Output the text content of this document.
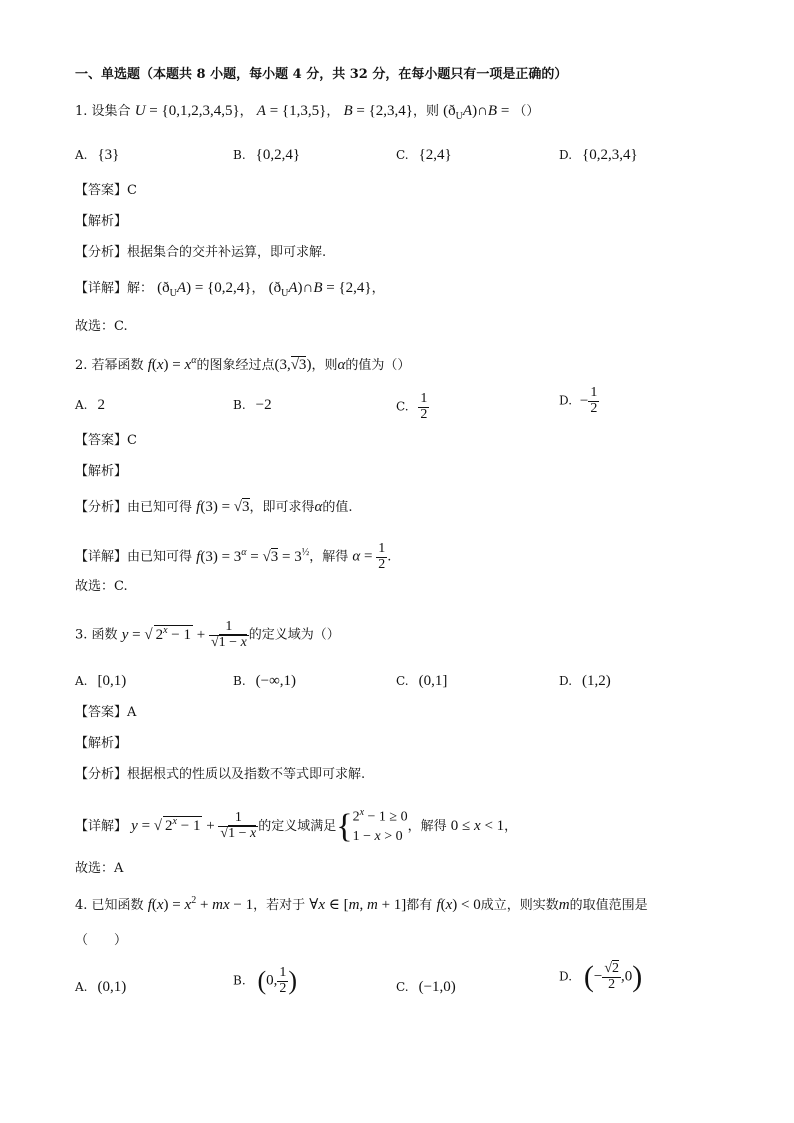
一、单选题（本题共 8 小题，每小题 4 分，共 32 分，在每小题只有一项是正确的）
1. 设集合 U = {0,1,2,3,4,5}， A = {1,3,5}， B = {2,3,4}，则 $(ð_UA)\cap B$ = （）
A. {3}	B. {0,2,4}	C. {2,4}	D. {0,2,3,4}
【答案】C
【解析】
【分析】根据集合的交并补运算，即可求解.
【详解】解： $(ð_UA) = \{0,2,4\}$， $(ð_UA)\cap B = \{2,4\}$，
故选：C.
2. 若幂函数 $f(x) = x^\alpha$的图象经过点(3,√3)，则α的值为（）
A. 2	B. −2	C. $\frac{1}{2}$	D. − $\frac{1}{2}$
【答案】C
【解析】
【分析】由已知可得 f(3) = √3，即可求得α的值.
【详解】由已知可得 $f(3) = 3^\alpha = √3 = 3^{\frac{1}{2}}$，解得 $\alpha = \frac{1}{2}$ .
故选：C.
3. 函数 y = √ $2^x - 1 + \frac{1}{√1 - x}$ 的定义域为（）
A. [0,1)	B. (−∞,1)	C. (0,1]	D. (1,2)
【答案】A
【解析】
【分析】根据根式的性质以及指数不等式即可求解.
【详解】 y = √ $2^x - 1 + \frac{1}{√1 - x}$ 的定义域满足{$2^x - 1 \ge 0$
1 − x > 0，解得 0 ≤ x < 1，
故选：A
4. 已知函数 $f(x) = x^2$ + mx − 1，若对于 ∀x ∈ [m, m + 1]都有 f(x) < 0成立，则实数m的取值范围是
（　　）
A. (0,1)	B. (0, $\frac{1}{2}$ )	C. (−1,0)
D. (− $\frac{√2}{2} ,0$)
